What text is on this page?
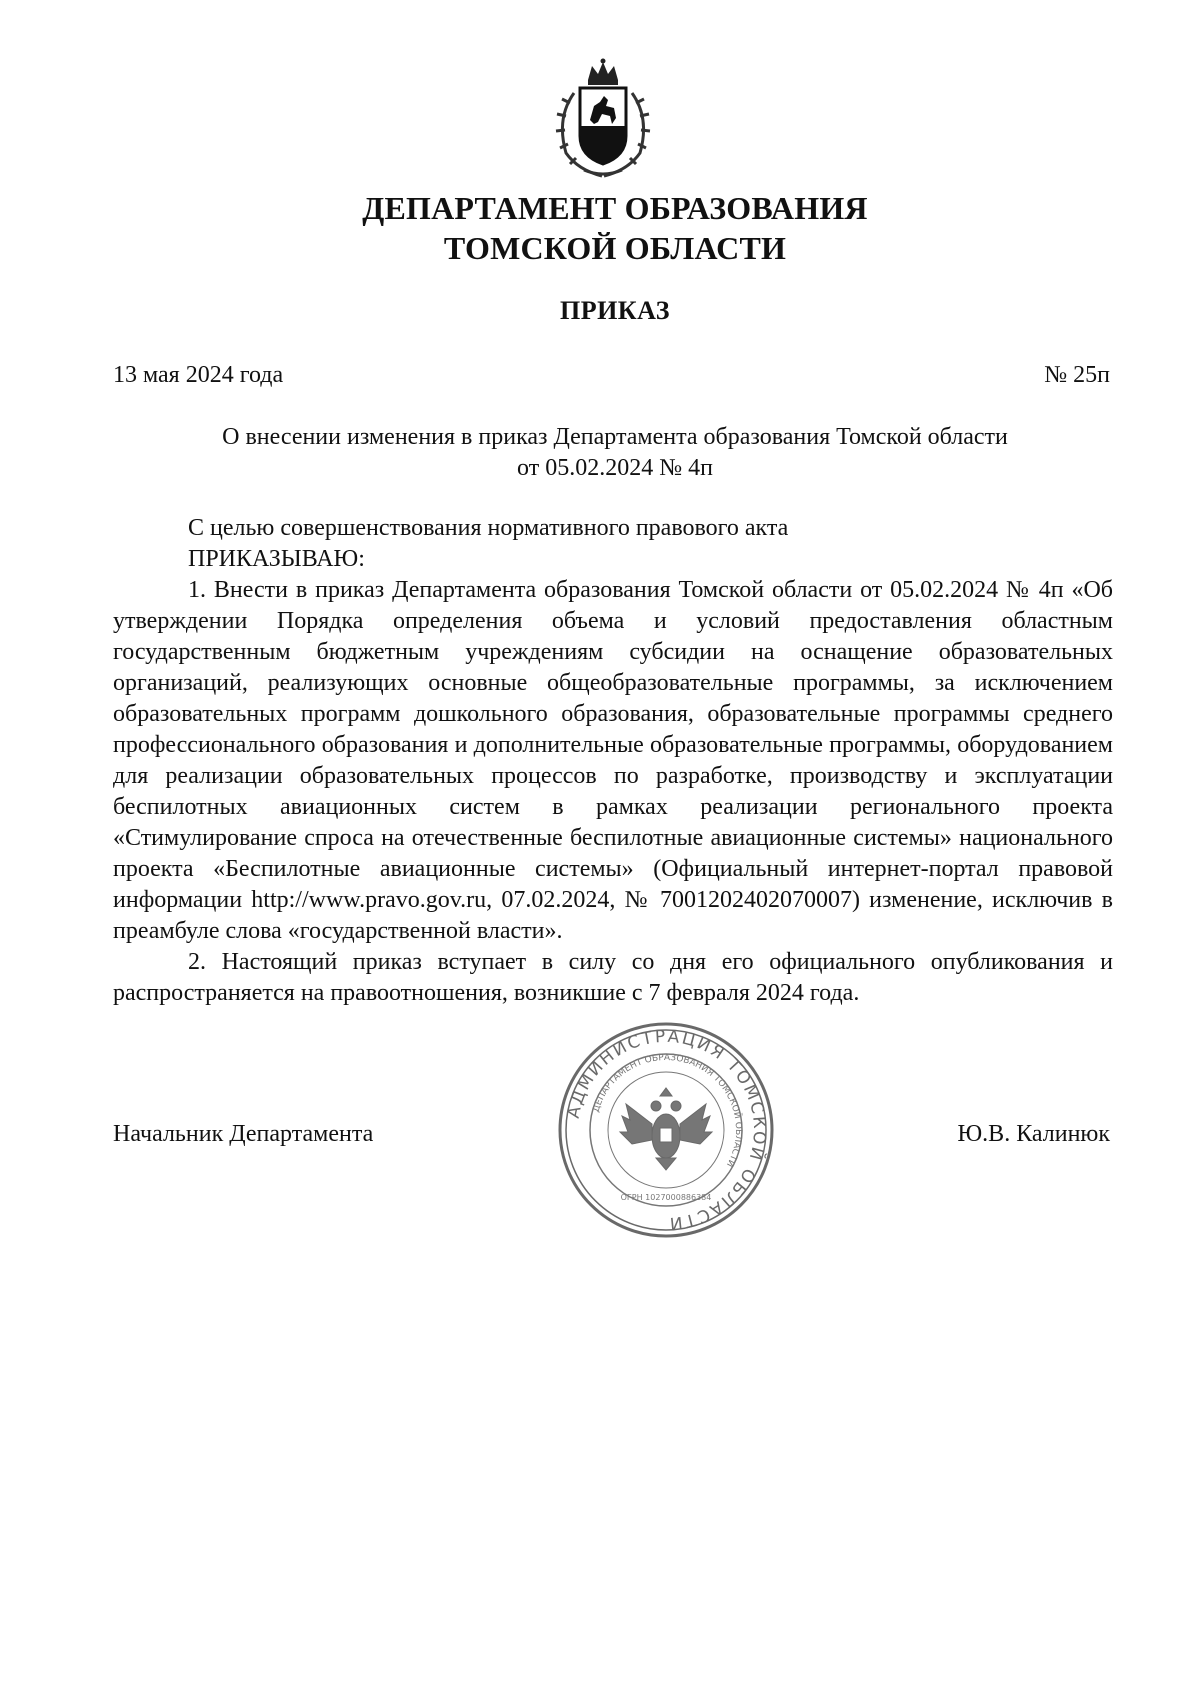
ДЕПАРТАМЕНТ ОБРАЗОВАНИЯ
ТОМСКОЙ ОБЛАСТИ
ПРИКАЗ
13 мая 2024 года	№ 25п
О внесении изменения в приказ Департамента образования Томской области
от 05.02.2024 № 4п

С целью совершенствования нормативного правового акта

ПРИКАЗЫВАЮ:

1. Внести в приказ Департамента образования Томской области от 05.02.2024 № 4п «Об утверждении Порядка определения объема и условий предоставления областным государственным бюджетным учреждениям субсидии на оснащение образовательных организаций, реализующих основные общеобразовательные программы, за исключением образовательных программ дошкольного образования, образовательные программы среднего профессионального образования и дополнительные образовательные программы, оборудованием для реализации образовательных процессов по разработке, производству и эксплуатации беспилотных авиационных систем в рамках реализации регионального проекта «Стимулирование спроса на отечественные беспилотные авиационные системы» национального проекта «Беспилотные авиационные системы» (Официальный интернет-портал правовой информации http://www.pravo.gov.ru, 07.02.2024, № 7001202402070007) изменение, исключив в преамбуле слова «государственной власти».

2. Настоящий приказ вступает в силу со дня его официального опубликования и распространяется на правоотношения, возникшие с 7 февраля 2024 года.

АДМИНИСТРАЦИЯ ТОМСКОЙ ОБЛАСТИ
ДЕПАРТАМЕНТ ОБРАЗОВАНИЯ ТОМСКОЙ ОБЛАСТИ
ОГРН 1027000886384
Начальник Департамента	Ю.В. Калинюк
